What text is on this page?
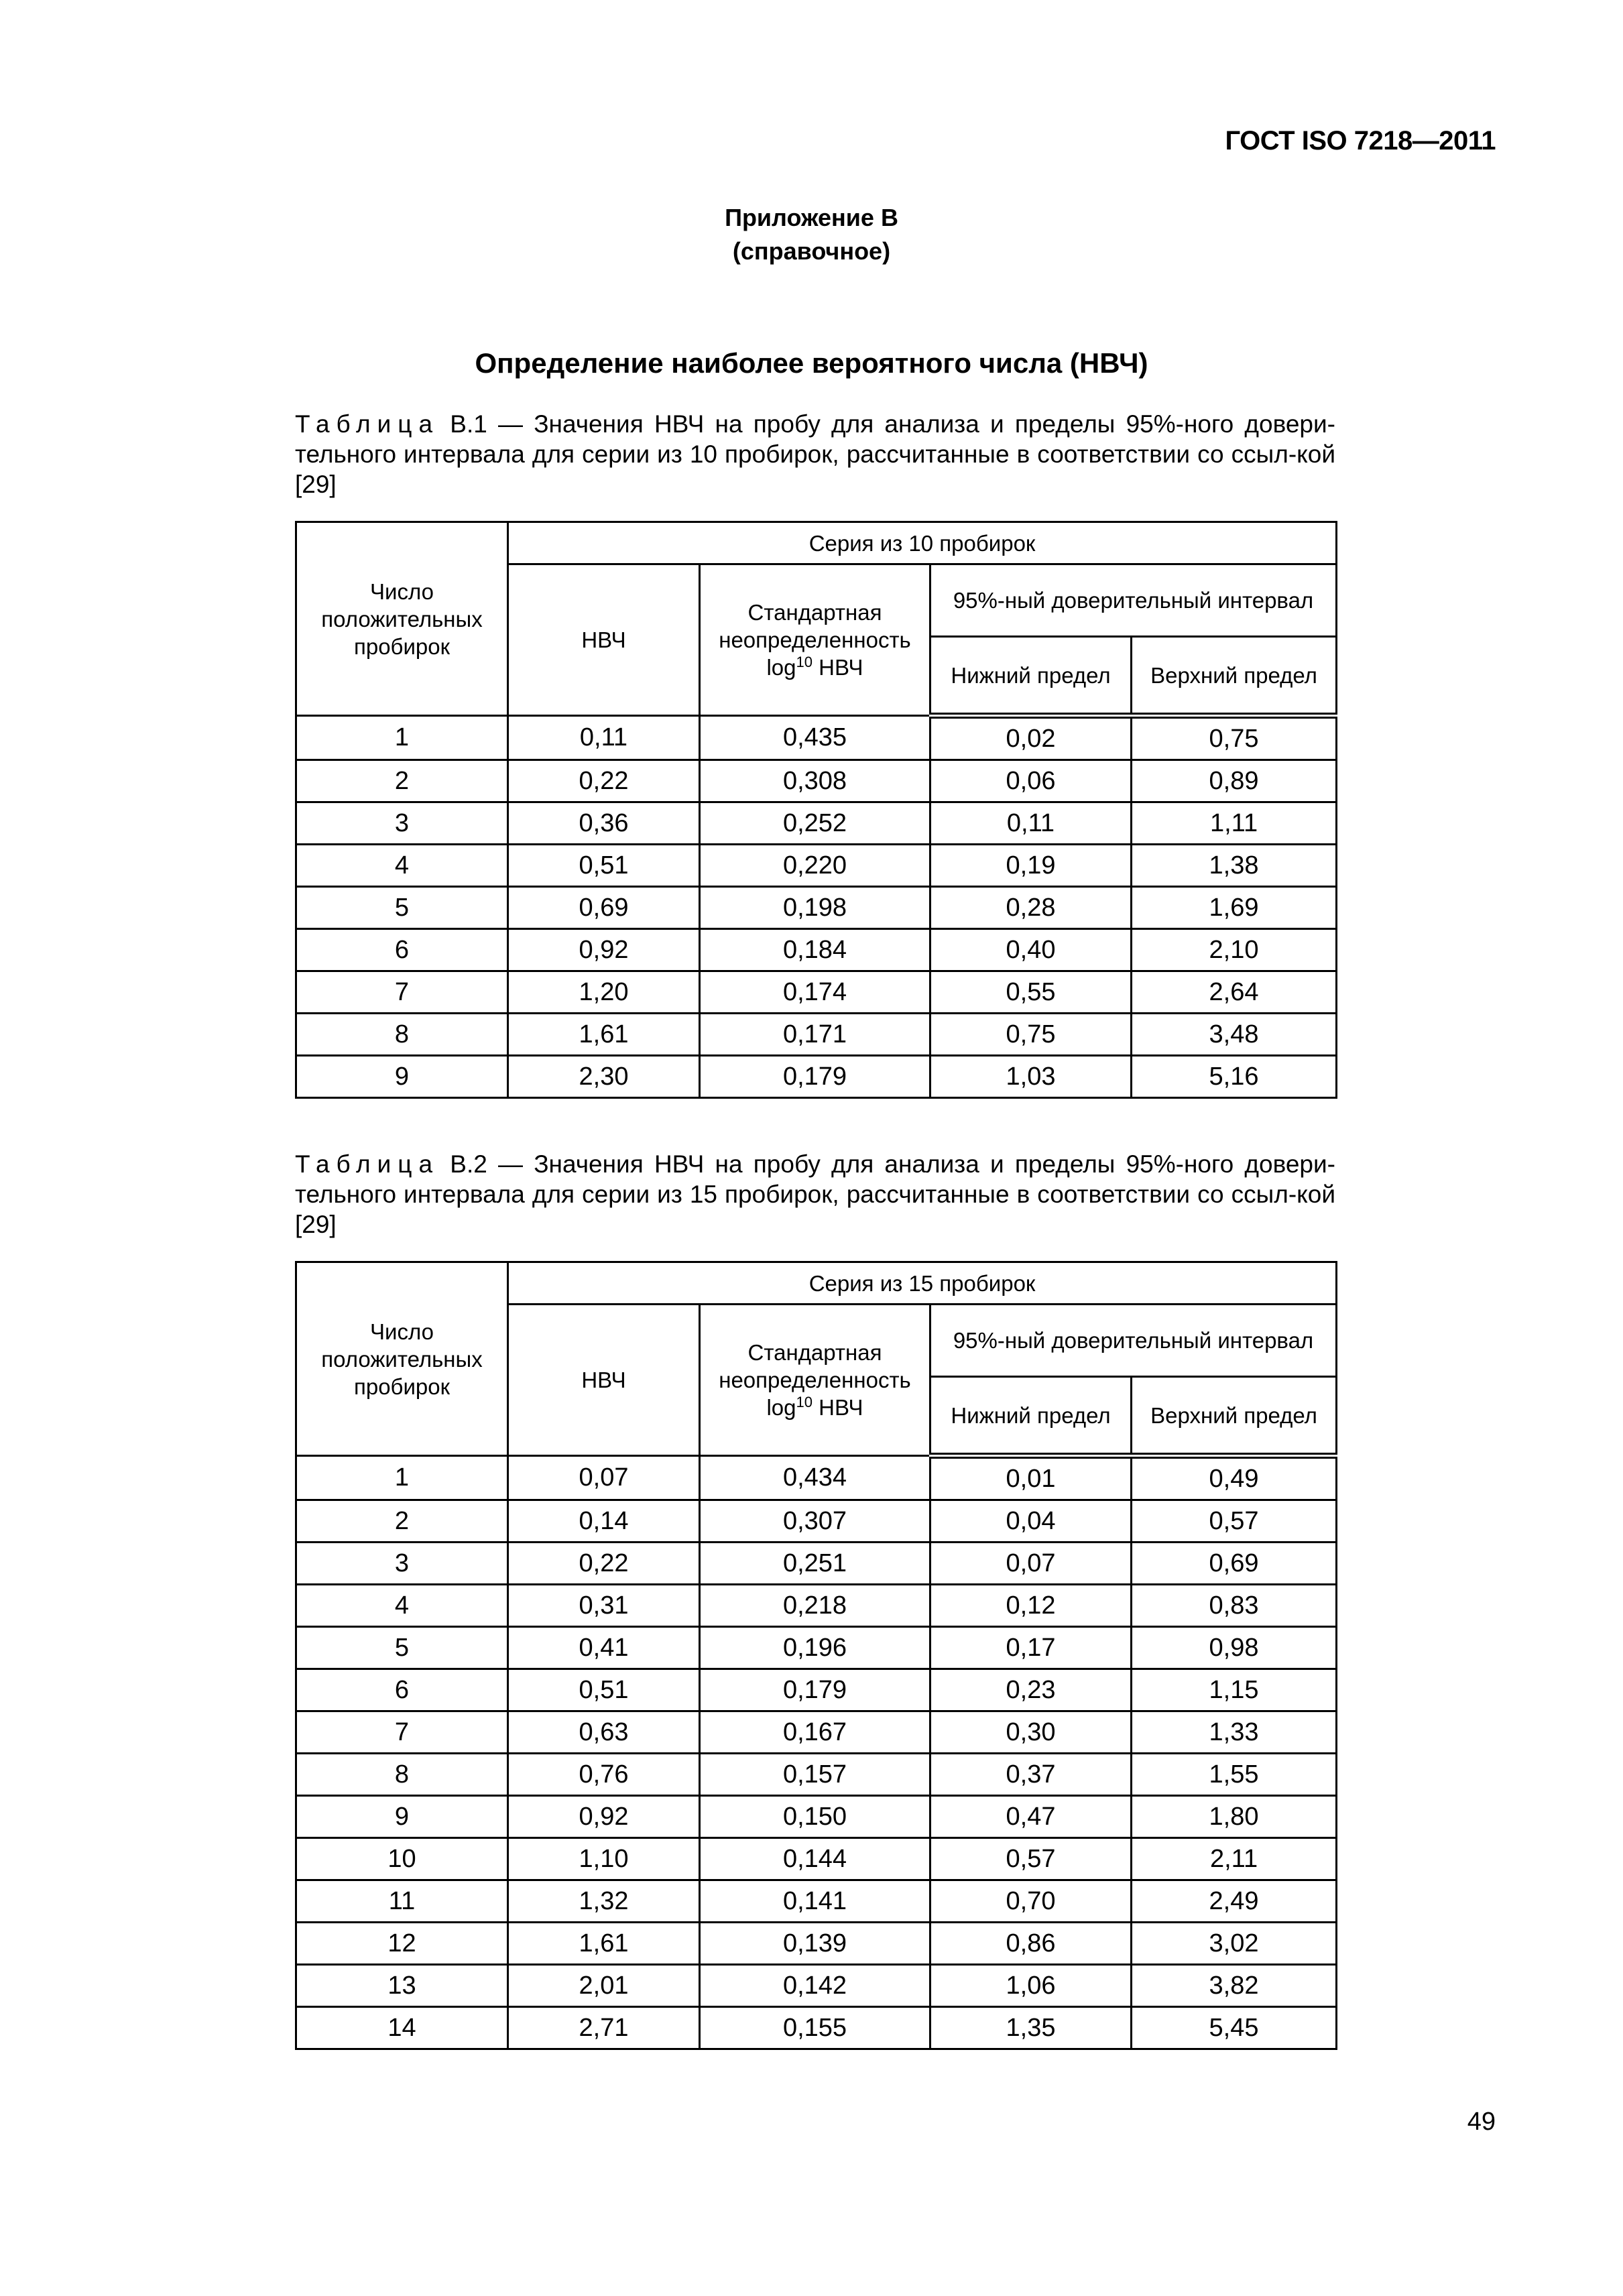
ГОСТ ISO 7218—2011
Приложение В
(справочное)
Определение наиболее вероятного числа (НВЧ)
Таблица В.1 — Значения НВЧ на пробу для анализа и пределы 95%-ного довери-тельного интервала для серии из 10 пробирок, рассчитанные в соответствии со ссыл-кой [29]
Число положительных пробирок	Серия из 10 пробирок			
	НВЧ	Стандартная неопределенность $\log^{10}$ НВЧ	95%-ный доверительный интервал	
			Нижний предел	Верхний предел
1	0,11	0,435	0,02	0,75
2	0,22	0,308	0,06	0,89
3	0,36	0,252	0,11	1,11
4	0,51	0,220	0,19	1,38
5	0,69	0,198	0,28	1,69
6	0,92	0,184	0,40	2,10
7	1,20	0,174	0,55	2,64
8	1,61	0,171	0,75	3,48
9	2,30	0,179	1,03	5,16
Таблица В.2 — Значения НВЧ на пробу для анализа и пределы 95%-ного довери-тельного интервала для серии из 15 пробирок, рассчитанные в соответствии со ссыл-кой [29]
Число положительных пробирок	Серия из 15 пробирок			
	НВЧ	Стандартная неопределенность $\log^{10}$ НВЧ	95%-ный доверительный интервал	
			Нижний предел	Верхний предел
1	0,07	0,434	0,01	0,49
2	0,14	0,307	0,04	0,57
3	0,22	0,251	0,07	0,69
4	0,31	0,218	0,12	0,83
5	0,41	0,196	0,17	0,98
6	0,51	0,179	0,23	1,15
7	0,63	0,167	0,30	1,33
8	0,76	0,157	0,37	1,55
9	0,92	0,150	0,47	1,80
10	1,10	0,144	0,57	2,11
11	1,32	0,141	0,70	2,49
12	1,61	0,139	0,86	3,02
13	2,01	0,142	1,06	3,82
14	2,71	0,155	1,35	5,45
49
